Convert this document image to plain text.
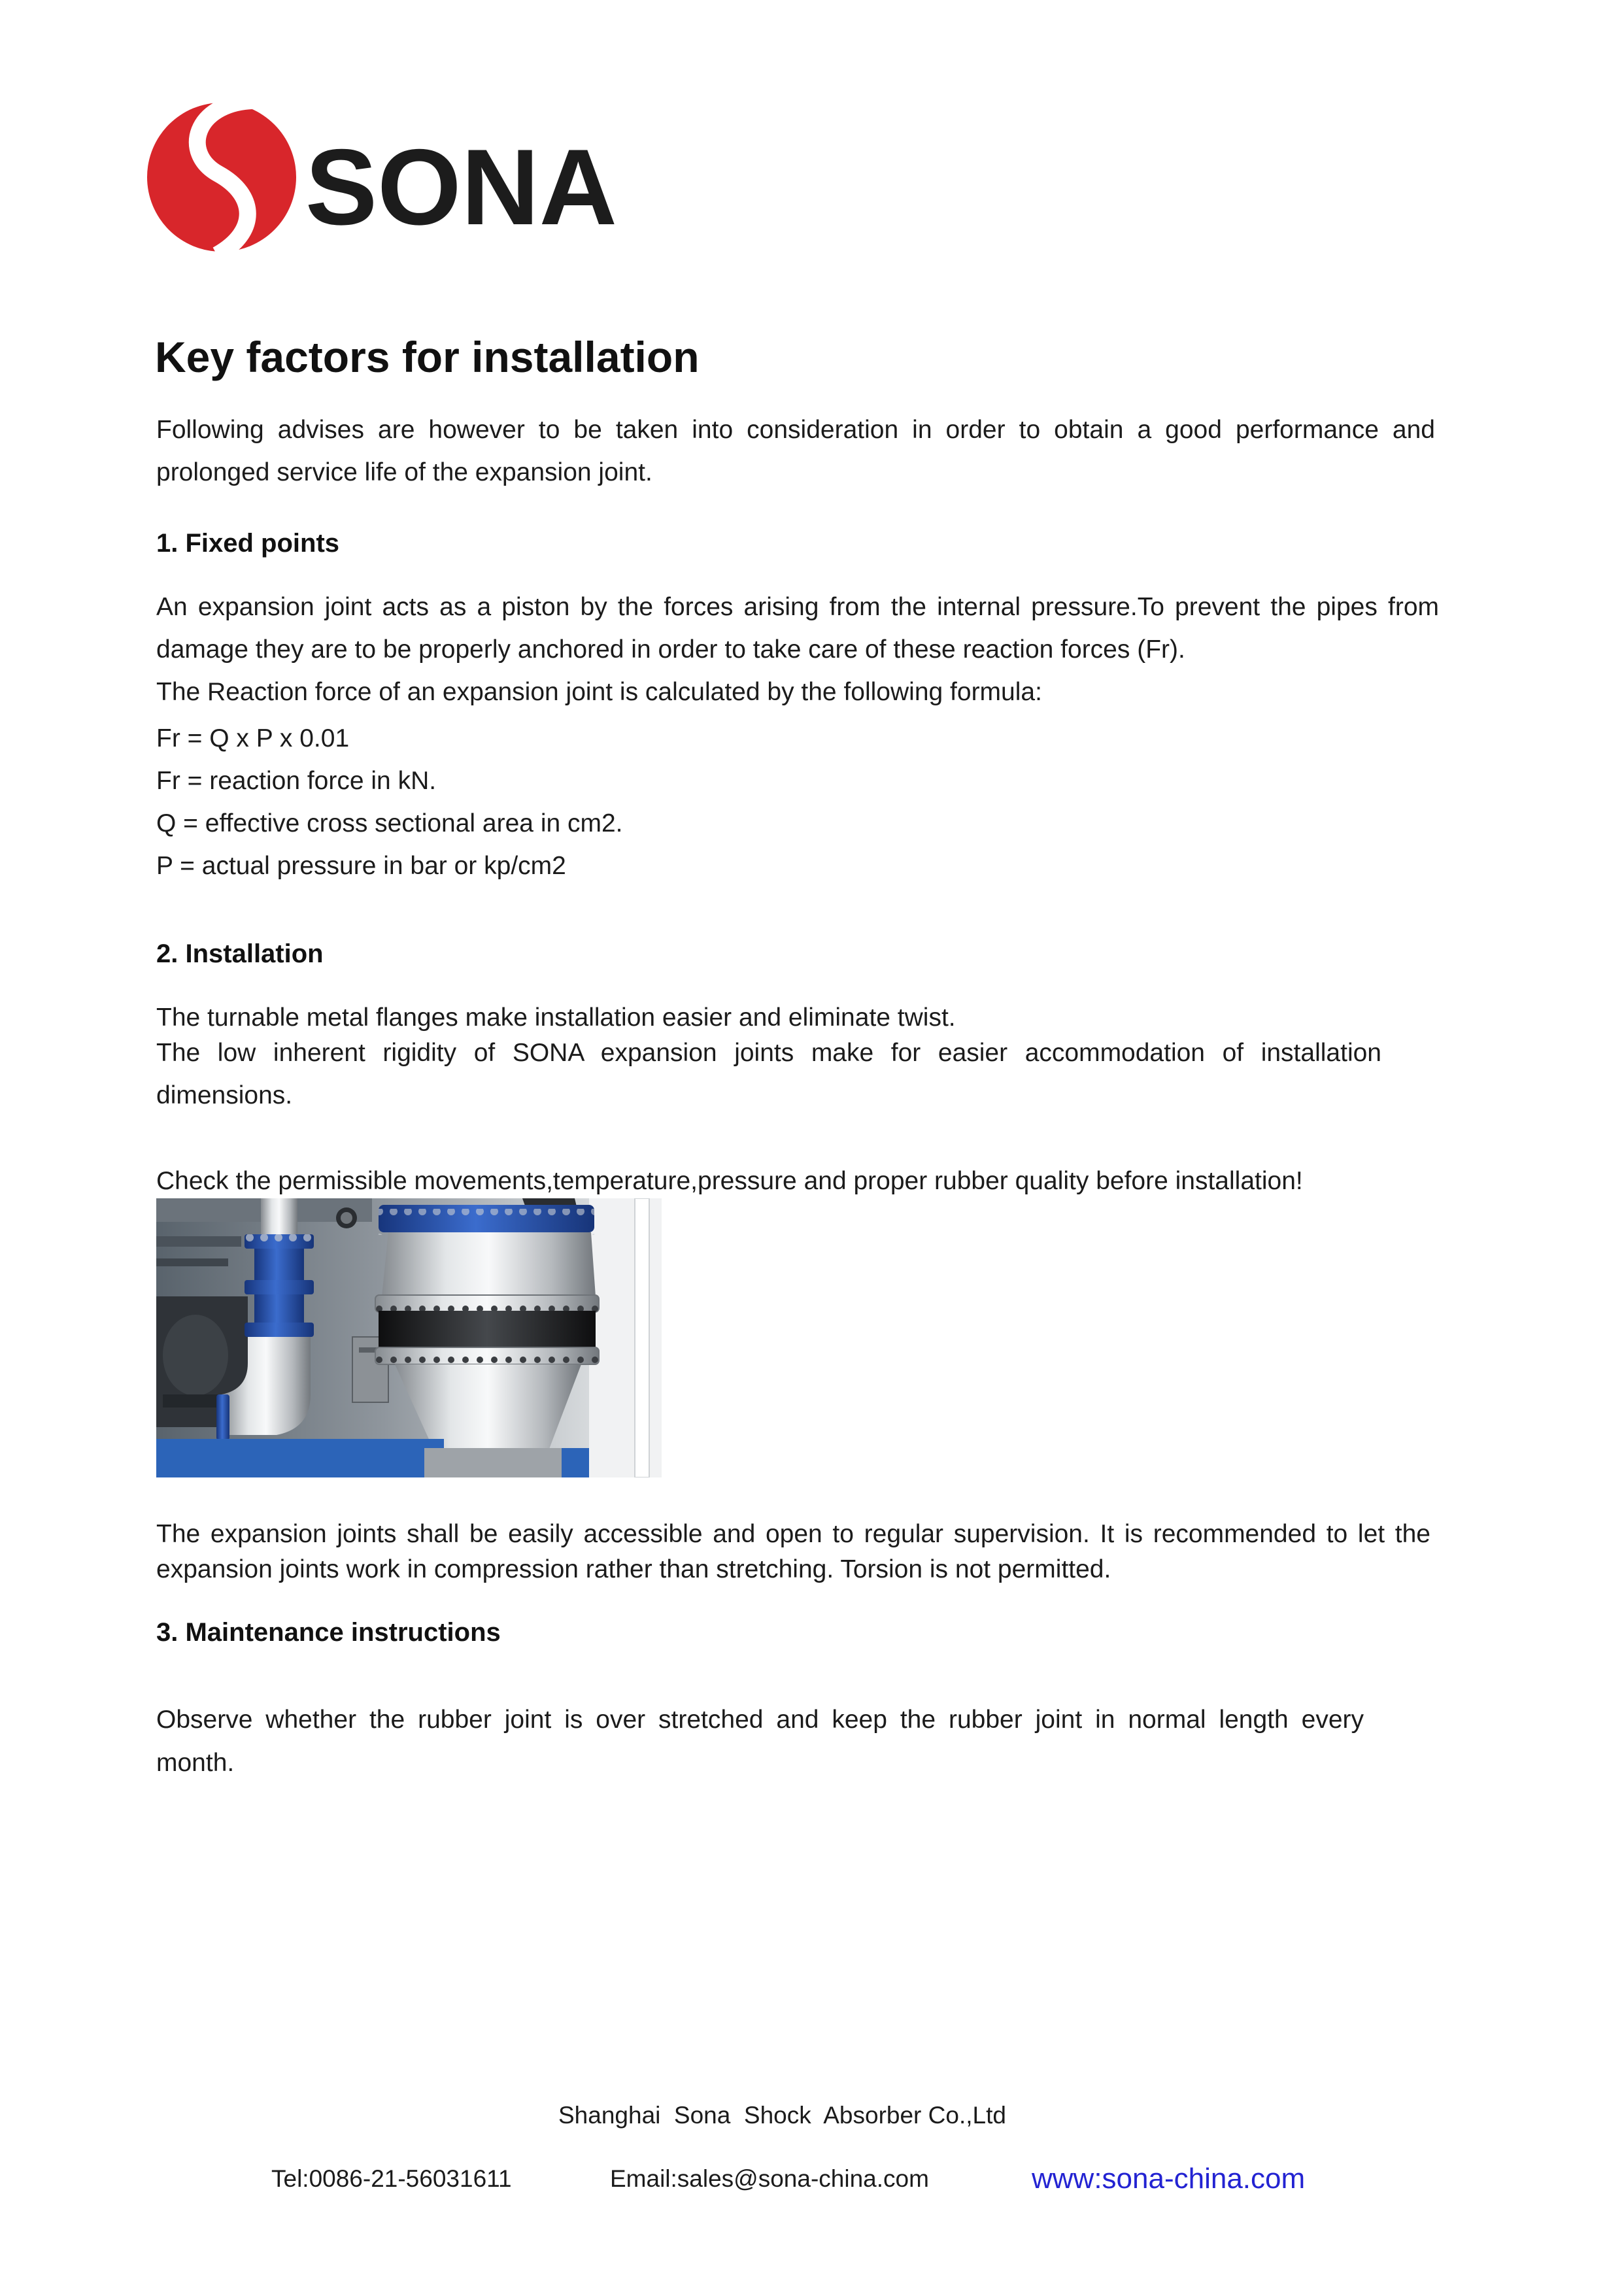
SONA
Key factors for installation
Following advises are however to be taken into consideration in order to obtain a good performance and
prolonged service life of the expansion joint.
1. Fixed points
An expansion joint acts as a piston by the forces arising from the internal pressure.To prevent the pipes from
damage they are to be properly anchored in order to take care of these reaction forces (Fr).
The Reaction force of an expansion joint is calculated by the following formula:
Fr = Q x P x 0.01
Fr = reaction force in kN.
Q = effective cross sectional area in cm2.
P = actual pressure in bar or kp/cm2
2. Installation
The turnable metal flanges make installation easier and eliminate twist.
The low inherent rigidity of SONA expansion joints make for easier accommodation of installation
dimensions.
Check the permissible movements,temperature,pressure and proper rubber quality before installation!
The expansion joints shall be easily accessible and open to regular supervision. It is recommended to let the
expansion joints work in compression rather than stretching. Torsion is not permitted.
3. Maintenance instructions
Observe whether the rubber joint is over stretched and keep the rubber joint in normal length every
month.
Shanghai  Sona  Shock  Absorber Co.,Ltd
Tel:0086-21-56031611	Email:sales@sona-china.com	www:sona-china.com
